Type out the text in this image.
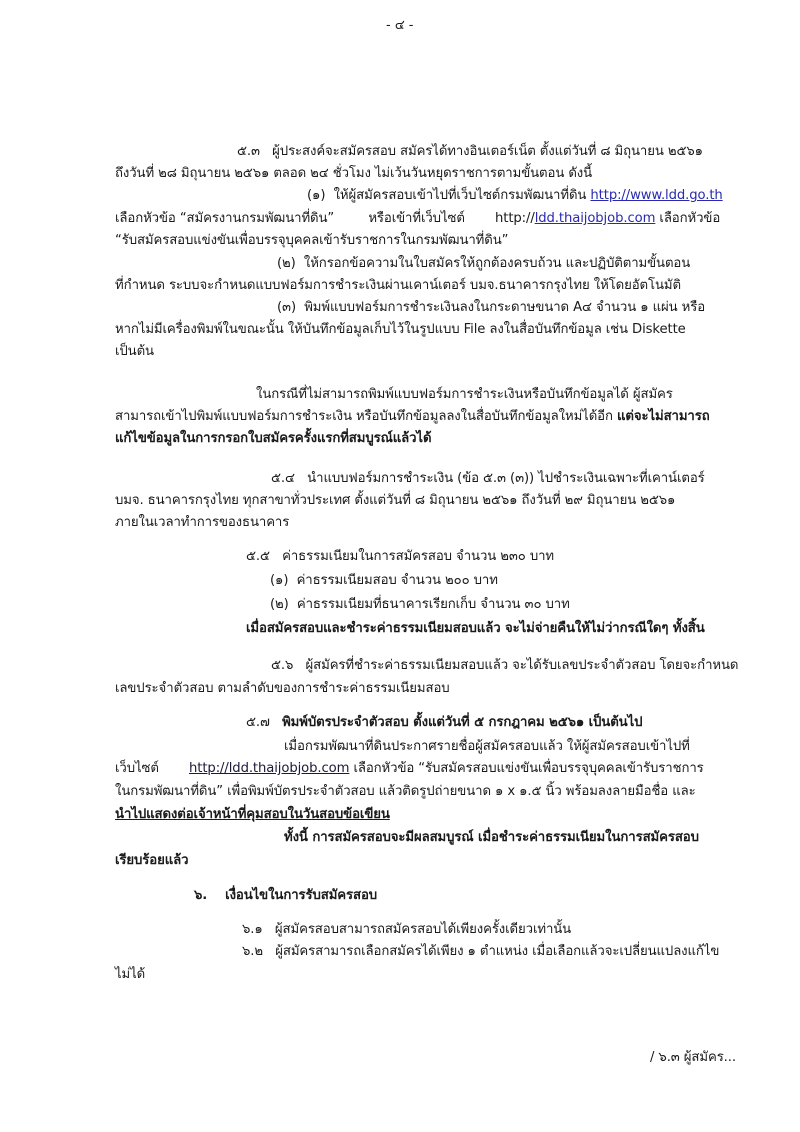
- ๔ -
๕.๓ ผู้ประสงค์จะสมัครสอบ สมัครได้ทางอินเตอร์เน็ต ตั้งแต่วันที่ ๘ มิถุนายน ๒๕๖๑
ถึงวันที่ ๒๘ มิถุนายน ๒๕๖๑ ตลอด ๒๔ ชั่วโมง ไม่เว้นวันหยุดราชการตามขั้นตอน ดังนี้
(๑) ให้ผู้สมัครสอบเข้าไปที่เว็บไซต์กรมพัฒนาที่ดิน http://www.ldd.go.th
เลือกหัวข้อ “สมัครงานกรมพัฒนาที่ดิน”	หรือเข้าที่เว็บไซต์ http://ldd.thaijobjob.com เลือกหัวข้อ
“รับสมัครสอบแข่งขันเพื่อบรรจุบุคคลเข้ารับราชการในกรมพัฒนาที่ดิน”
(๒) ให้กรอกข้อความในใบสมัครให้ถูกต้องครบถ้วน และปฏิบัติตามขั้นตอน
ที่กำหนด ระบบจะกำหนดแบบฟอร์มการชำระเงินผ่านเคาน์เตอร์ บมจ.ธนาคารกรุงไทย ให้โดยอัตโนมัติ
(๓) พิมพ์แบบฟอร์มการชำระเงินลงในกระดาษขนาด A๔ จำนวน ๑ แผ่น หรือ
หากไม่มีเครื่องพิมพ์ในขณะนั้น ให้บันทึกข้อมูลเก็บไว้ในรูปแบบ File ลงในสื่อบันทึกข้อมูล เช่น Diskette
เป็นต้น
ในกรณีที่ไม่สามารถพิมพ์แบบฟอร์มการชำระเงินหรือบันทึกข้อมูลได้ ผู้สมัคร
สามารถเข้าไปพิมพ์แบบฟอร์มการชำระเงิน หรือบันทึกข้อมูลลงในสื่อบันทึกข้อมูลใหม่ได้อีก แต่จะไม่สามารถ
แก้ไขข้อมูลในการกรอกใบสมัครครั้งแรกที่สมบูรณ์แล้วได้
๕.๔ นำแบบฟอร์มการชำระเงิน (ข้อ ๕.๓ (๓)) ไปชำระเงินเฉพาะที่เคาน์เตอร์
บมจ. ธนาคารกรุงไทย ทุกสาขาทั่วประเทศ ตั้งแต่วันที่ ๘ มิถุนายน ๒๕๖๑ ถึงวันที่ ๒๙ มิถุนายน ๒๕๖๑
ภายในเวลาทำการของธนาคาร
๕.๕ ค่าธรรมเนียมในการสมัครสอบ จำนวน ๒๓๐ บาท
(๑) ค่าธรรมเนียมสอบ จำนวน ๒๐๐ บาท
(๒) ค่าธรรมเนียมที่ธนาคารเรียกเก็บ จำนวน ๓๐ บาท
เมื่อสมัครสอบและชำระค่าธรรมเนียมสอบแล้ว จะไม่จ่ายคืนให้ไม่ว่ากรณีใดๆ ทั้งสิ้น
๕.๖ ผู้สมัครที่ชำระค่าธรรมเนียมสอบแล้ว จะได้รับเลขประจำตัวสอบ โดยจะกำหนด
เลขประจำตัวสอบ ตามลำดับของการชำระค่าธรรมเนียมสอบ
๕.๗ พิมพ์บัตรประจำตัวสอบ ตั้งแต่วันที่ ๕ กรกฎาคม ๒๕๖๑ เป็นต้นไป
เมื่อกรมพัฒนาที่ดินประกาศรายชื่อผู้สมัครสอบแล้ว ให้ผู้สมัครสอบเข้าไปที่
เว็บไซต์ http://ldd.thaijobjob.com เลือกหัวข้อ “รับสมัครสอบแข่งขันเพื่อบรรจุบุคคลเข้ารับราชการ
ในกรมพัฒนาที่ดิน” เพื่อพิมพ์บัตรประจำตัวสอบ แล้วติดรูปถ่ายขนาด ๑ x ๑.๕ นิ้ว พร้อมลงลายมือชื่อ และ
นำไปแสดงต่อเจ้าหน้าที่คุมสอบในวันสอบข้อเขียน
ทั้งนี้ การสมัครสอบจะมีผลสมบูรณ์ เมื่อชำระค่าธรรมเนียมในการสมัครสอบ
เรียบร้อยแล้ว
๖. เงื่อนไขในการรับสมัครสอบ
๖.๑ ผู้สมัครสอบสามารถสมัครสอบได้เพียงครั้งเดียวเท่านั้น
๖.๒ ผู้สมัครสามารถเลือกสมัครได้เพียง ๑ ตำแหน่ง เมื่อเลือกแล้วจะเปลี่ยนแปลงแก้ไข
ไม่ได้
/ ๖.๓ ผู้สมัคร...
